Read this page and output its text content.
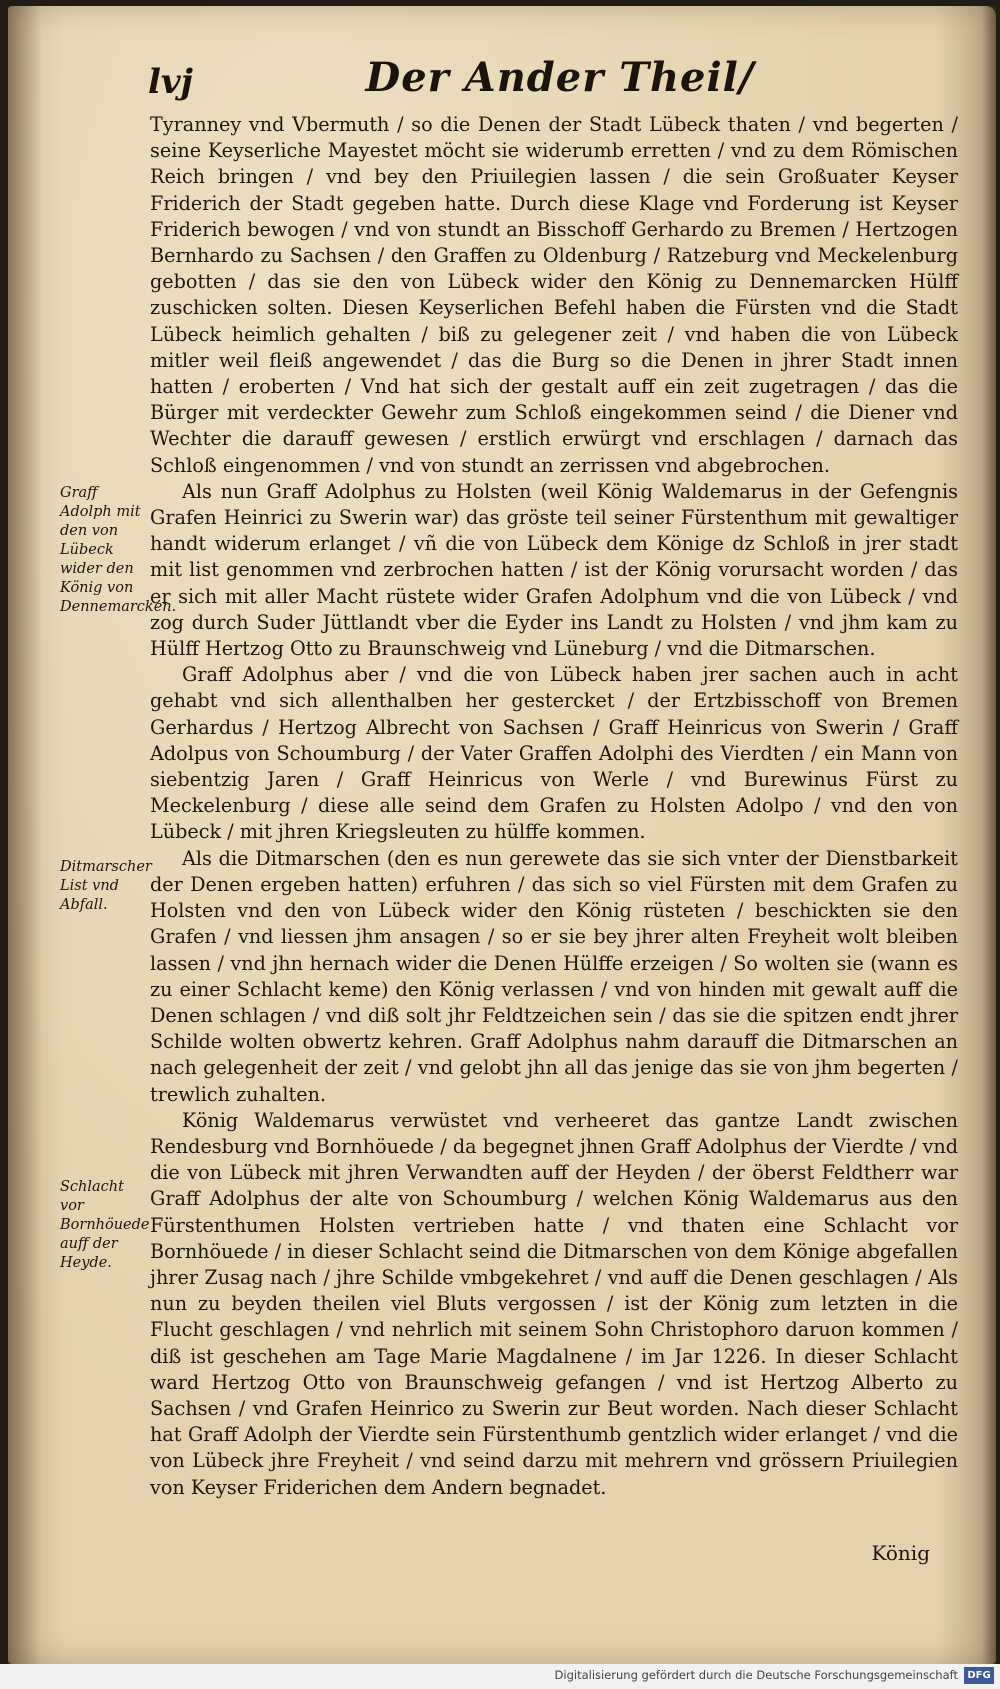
lvj	Der Ander Theil/

Tyranney vnd Vbermuth / so die Denen der Stadt Lübeck thaten / vnd begerten / seine Keyserliche Mayestet möcht sie widerumb erretten / vnd zu dem Römischen Reich bringen / vnd bey den Priuilegien lassen / die sein Großuater Keyser Friderich der Stadt gegeben hatte. Durch diese Klage vnd Forderung ist Keyser Friderich bewogen / vnd von stundt an Bisschoff Gerhardo zu Bremen / Hertzogen Bernhardo zu Sachsen / den Graffen zu Oldenburg / Ratzeburg vnd Meckelenburg gebotten / das sie den von Lübeck wider den König zu Dennemarcken Hülff zuschicken solten. Diesen Keyserlichen Befehl haben die Fürsten vnd die Stadt Lübeck heimlich gehalten / biß zu gelegener zeit / vnd haben die von Lübeck mitler weil fleiß angewendet / das die Burg so die Denen in jhrer Stadt innen hatten / eroberten / Vnd hat sich der gestalt auff ein zeit zugetragen / das die Bürger mit verdeckter Gewehr zum Schloß eingekommen seind / die Diener vnd Wechter die darauff gewesen / erstlich erwürgt vnd erschlagen / darnach das Schloß eingenommen / vnd von stundt an zerrissen vnd abgebrochen.

Als nun Graff Adolphus zu Holsten (weil König Waldemarus in der Gefengnis Grafen Heinrici zu Swerin war) das gröste teil seiner Fürstenthum mit gewaltiger handt widerum erlanget / vñ die von Lübeck dem Könige dz Schloß in jrer stadt mit list genommen vnd zerbrochen hatten / ist der König vorursacht worden / das er sich mit aller Macht rüstete wider Grafen Adolphum vnd die von Lübeck / vnd zog durch Suder Jüttlandt vber die Eyder ins Landt zu Holsten / vnd jhm kam zu Hülff Hertzog Otto zu Braunschweig vnd Lüneburg / vnd die Ditmarschen.

Graff Adolphus aber / vnd die von Lübeck haben jrer sachen auch in acht gehabt vnd sich allenthalben her gestercket / der Ertzbisschoff von Bremen Gerhardus / Hertzog Albrecht von Sachsen / Graff Heinricus von Swerin / Graff Adolpus von Schoumburg / der Vater Graffen Adolphi des Vierdten / ein Mann von siebentzig Jaren / Graff Heinricus von Werle / vnd Burewinus Fürst zu Meckelenburg / diese alle seind dem Grafen zu Holsten Adolpo / vnd den von Lübeck / mit jhren Kriegsleuten zu hülffe kommen.

Als die Ditmarschen (den es nun gerewete das sie sich vnter der Dienstbarkeit der Denen ergeben hatten) erfuhren / das sich so viel Fürsten mit dem Grafen zu Holsten vnd den von Lübeck wider den König rüsteten / beschickten sie den Grafen / vnd liessen jhm ansagen / so er sie bey jhrer alten Freyheit wolt bleiben lassen / vnd jhn hernach wider die Denen Hülffe erzeigen / So wolten sie (wann es zu einer Schlacht keme) den König verlassen / vnd von hinden mit gewalt auff die Denen schlagen / vnd diß solt jhr Feldtzeichen sein / das sie die spitzen endt jhrer Schilde wolten obwertz kehren. Graff Adolphus nahm darauff die Ditmarschen an nach gelegenheit der zeit / vnd gelobt jhn all das jenige das sie von jhm begerten / trewlich zuhalten.

König Waldemarus verwüstet vnd verheeret das gantze Landt zwischen Rendesburg vnd Bornhöuede / da begegnet jhnen Graff Adolphus der Vierdte / vnd die von Lübeck mit jhren Verwandten auff der Heyden / der öberst Feldtherr war Graff Adolphus der alte von Schoumburg / welchen König Waldemarus aus den Fürstenthumen Holsten vertrieben hatte / vnd thaten eine Schlacht vor Bornhöuede / in dieser Schlacht seind die Ditmarschen von dem Könige abgefallen jhrer Zusag nach / jhre Schilde vmbgekehret / vnd auff die Denen geschlagen / Als nun zu beyden theilen viel Bluts vergossen / ist der König zum letzten in die Flucht geschlagen / vnd nehrlich mit seinem Sohn Christophoro daruon kommen / diß ist geschehen am Tage Marie Magdalnene / im Jar 1226. In dieser Schlacht ward Hertzog Otto von Braunschweig gefangen / vnd ist Hertzog Alberto zu Sachsen / vnd Grafen Heinrico zu Swerin zur Beut worden. Nach dieser Schlacht hat Graff Adolph der Vierdte sein Fürstenthumb gentzlich wider erlanget / vnd die von Lübeck jhre Freyheit / vnd seind darzu mit mehrern vnd grössern Priuilegien von Keyser Friderichen dem Andern begnadet.

Graff Adolph mit den von Lübeck wider den König von Dennemarcken.
Ditmarscher List vnd Abfall.
Schlacht vor Bornhöuede auff der Heyde.
König
Digitalisierung gefördert durch die Deutsche Forschungsgemeinschaft DFG
